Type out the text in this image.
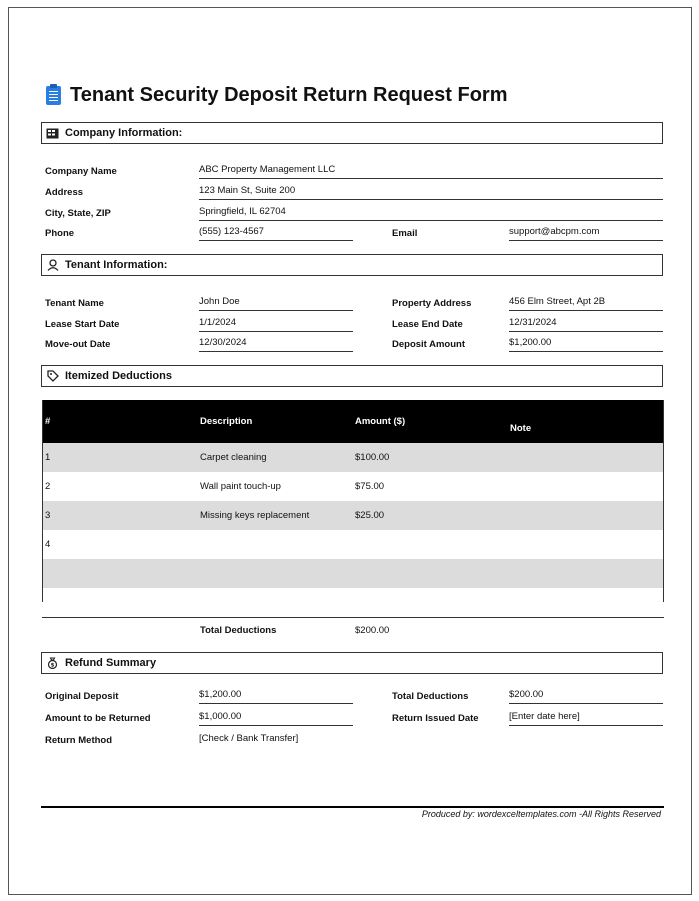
Tenant Security Deposit Return Request Form
Company Information:
Company Name	ABC Property Management LLC
Address	123 Main St, Suite 200
City, State, ZIP	Springfield, IL 62704
Phone	(555) 123-4567	Email	support@abcpm.com
Tenant Information:
Tenant Name	John Doe	Property Address	456 Elm Street, Apt 2B
Lease Start Date	1/1/2024	Lease End Date	12/31/2024
Move-out Date	12/30/2024	Deposit Amount	$1,200.00
Itemized Deductions
#	Description	Amount ($)	Note
1	Carpet cleaning	$100.00	
2	Wall paint touch-up	$75.00	
3	Missing keys replacement	$25.00	
4			

Total Deductions	$200.00
$ Refund Summary
Original Deposit	$1,200.00	Total Deductions	$200.00
Amount to be Returned	$1,000.00	Return Issued Date	[Enter date here]
Return Method	[Check / Bank Transfer]
Produced by: wordexceltemplates.com -All Rights Reserved
